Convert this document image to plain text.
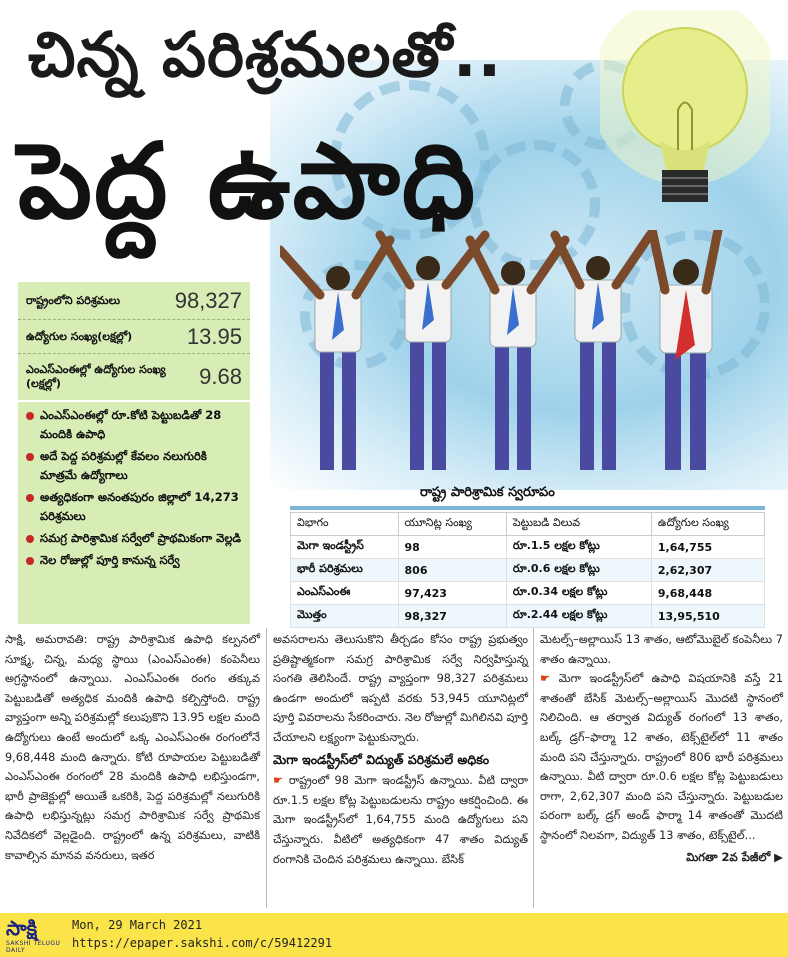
చిన్న పరిశ్రమలతో..
పెద్ద ఉపాధి
రాష్ట్రంలోని పరిశ్రమలు 98,327
ఉద్యోగుల సంఖ్య(లక్షల్లో) 13.95
ఎంఎస్‌ఎంఈల్లో ఉద్యోగుల సంఖ్య (లక్షల్లో)	9.68
ఎంఎస్‌ఎంఈల్లో రూ.కోటి పెట్టుబడితో 28 మందికి ఉపాధి
అదే పెద్ద పరిశ్రమల్లో కేవలం నలుగురికి మాత్రమే ఉద్యోగాలు
అత్యధికంగా అనంతపురం జిల్లాలో 14,273 పరిశ్రమలు
సమగ్ర పారిశ్రామిక సర్వేలో ప్రాథమికంగా వెల్లడి
నెల రోజుల్లో పూర్తి కానున్న సర్వే
రాష్ట్ర పారిశ్రామిక స్వరూపం
విభాగం	యూనిట్ల సంఖ్య	పెట్టుబడి విలువ	ఉద్యోగుల సంఖ్య
మెగా ఇండస్ట్రీస్	98	రూ.1.5 లక్షల కోట్లు	1,64,755
భారీ పరిశ్రమలు	806	రూ.0.6 లక్షల కోట్లు	2,62,307
ఎంఎస్‌ఎంఈ	97,423	రూ.0.34 లక్షల కోట్లు	9,68,448
మొత్తం	98,327	రూ.2.44 లక్షల కోట్లు	13,95,510
సాక్షి, అమరావతి: రాష్ట్ర పారిశ్రామిక ఉపాధి కల్పనలో సూక్ష్మ, చిన్న, మధ్య స్థాయి (ఎంఎస్‌ఎంఈ) కంపెనీలు అగ్రస్థానంలో ఉన్నాయి. ఎంఎస్‌ఎంఈ రంగం తక్కువ పెట్టుబడితో అత్యధిక మందికి ఉపాధి కల్పిస్తోంది. రాష్ట్ర వ్యాప్తంగా అన్ని పరిశ్రమల్లో కలుపుకొని 13.95 లక్షల మంది ఉద్యోగులు ఉంటే అందులో ఒక్క ఎంఎస్‌ఎంఈ రంగంలోనే 9,68,448 మంది ఉన్నారు. కోటి రూపాయల పెట్టుబడితో ఎంఎస్‌ఎంఈ రంగంలో 28 మందికి ఉపాధి లభిస్తుండగా, భారీ ప్రాజెక్టుల్లో అయితే ఒకరికి, పెద్ద పరిశ్రమల్లో నలుగురికి ఉపాధి లభిస్తున్నట్లు సమగ్ర పారిశ్రామిక సర్వే ప్రాథమిక నివేదికలో వెల్లడైంది. రాష్ట్రంలో ఉన్న పరిశ్రమలు, వాటికి కావాల్సిన మానవ వనరులు, ఇతర
అవసరాలను తెలుసుకొని తీర్చడం కోసం రాష్ట్ర ప్రభుత్వం ప్రతిష్టాత్మకంగా సమగ్ర పారిశ్రామిక సర్వే నిర్వహిస్తున్న సంగతి తెలిసిందే. రాష్ట్ర వ్యాప్తంగా 98,327 పరిశ్రమలు ఉండగా అందులో ఇప్పటి వరకు 53,945 యూనిట్లలో పూర్తి వివరాలను సేకరించారు. నెల రోజుల్లో మిగిలినవి పూర్తి చేయాలని లక్ష్యంగా పెట్టుకున్నారు.
మెగా ఇండస్ట్రీస్‌లో విద్యుత్ పరిశ్రమలే అధికం
☛ రాష్ట్రంలో 98 మెగా ఇండస్ట్రీస్ ఉన్నాయి. వీటి ద్వారా రూ.1.5 లక్షల కోట్ల పెట్టుబడులను రాష్ట్రం ఆకర్షించింది. ఈ మెగా ఇండస్ట్రీస్‌లో 1,64,755 మంది ఉద్యోగులు పని చేస్తున్నారు. వీటిలో అత్యధికంగా 47 శాతం విద్యుత్ రంగానికి చెందిన పరిశ్రమలు ఉన్నాయి. బేసిక్
మెటల్స్–అల్లాయిస్ 13 శాతం, ఆటోమొబైల్ కంపెనీలు 7 శాతం ఉన్నాయి.
☛ మెగా ఇండస్ట్రీస్‌లో ఉపాధి విషయానికి వస్తే 21 శాతంతో బేసిక్ మెటల్స్–అల్లాయిస్ మొదటి స్థానంలో నిలిచింది. ఆ తర్వాత విద్యుత్ రంగంలో 13 శాతం, బల్క్ డ్రగ్–ఫార్మా 12 శాతం, టెక్స్‌టైల్‌లో 11 శాతం మంది పని చేస్తున్నారు. రాష్ట్రంలో 806 భారీ పరిశ్రమలు ఉన్నాయి. వీటి ద్వారా రూ.0.6 లక్షల కోట్ల పెట్టుబడులు రాగా, 2,62,307 మంది పని చేస్తున్నారు. పెట్టుబడుల పరంగా బల్క్ డ్రగ్ అండ్ ఫార్మా 14 శాతంతో మొదటి స్థానంలో నిలవగా, విద్యుత్ 13 శాతం, టెక్స్‌టైల్...
మిగతా 2వ పేజీలో ▶
సాక్షి
SAKSHI TELUGU DAILY
Mon, 29 March 2021
https://epaper.sakshi.com/c/59412291
